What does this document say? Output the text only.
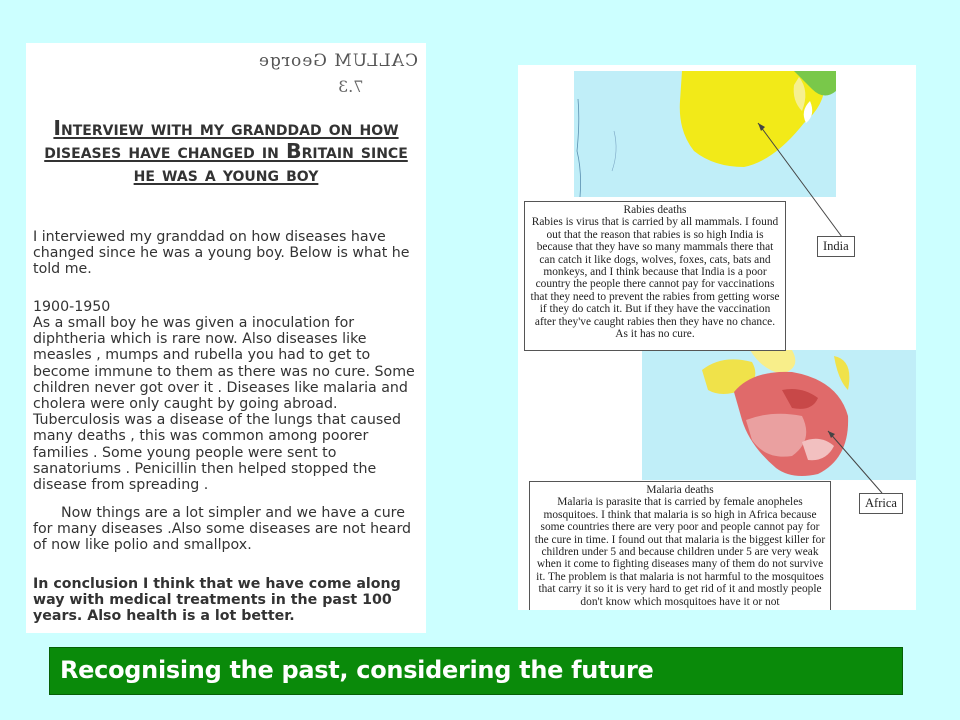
CALLUM George
7.3
Interview with my granddad on how diseases have changed in Britain since he was a young boy

I interviewed my granddad on how diseases have changed since he was a young boy. Below is what he told me.

1900-1950

As a small boy he was given a inoculation for diphtheria which is rare now. Also diseases like measles , mumps and rubella you had to get to become immune to them as there was no cure. Some children never got over it . Diseases like malaria and cholera were only caught by going abroad. Tuberculosis was a disease of the lungs that caused many deaths , this was common among poorer families . Some young people were sent to sanatoriums . Penicillin then helped stopped the disease from spreading .

Now things are a lot simpler and we have a cure for many diseases .Also some diseases are not heard of now like polio and smallpox.

In conclusion I think that we have come along way with medical treatments in the past 100 years. Also health is a lot better.

Rabies deaths

Rabies is virus that is carried by all mammals. I found out that the reason that rabies is so high India is because that they have so many mammals there that can catch it like dogs, wolves, foxes, cats, bats and monkeys, and I think because that India is a poor country the people there cannot pay for vaccinations that they need to prevent the rabies from getting worse if they do catch it. But if they have the vaccination after they've caught rabies then they have no chance. As it has no cure.

India
Malaria deaths

Malaria is parasite that is carried by female anopheles mosquitoes. I think that malaria is so high in Africa because some countries there are very poor and people cannot pay for the cure in time. I found out that malaria is the biggest killer for children under 5 and because children under 5 are very weak when it come to fighting diseases many of them do not survive it. The problem is that malaria is not harmful to the mosquitoes that carry it so it is very hard to get rid of it and mostly people don't know which mosquitoes have it or not

Africa
Recognising the past, considering the future
